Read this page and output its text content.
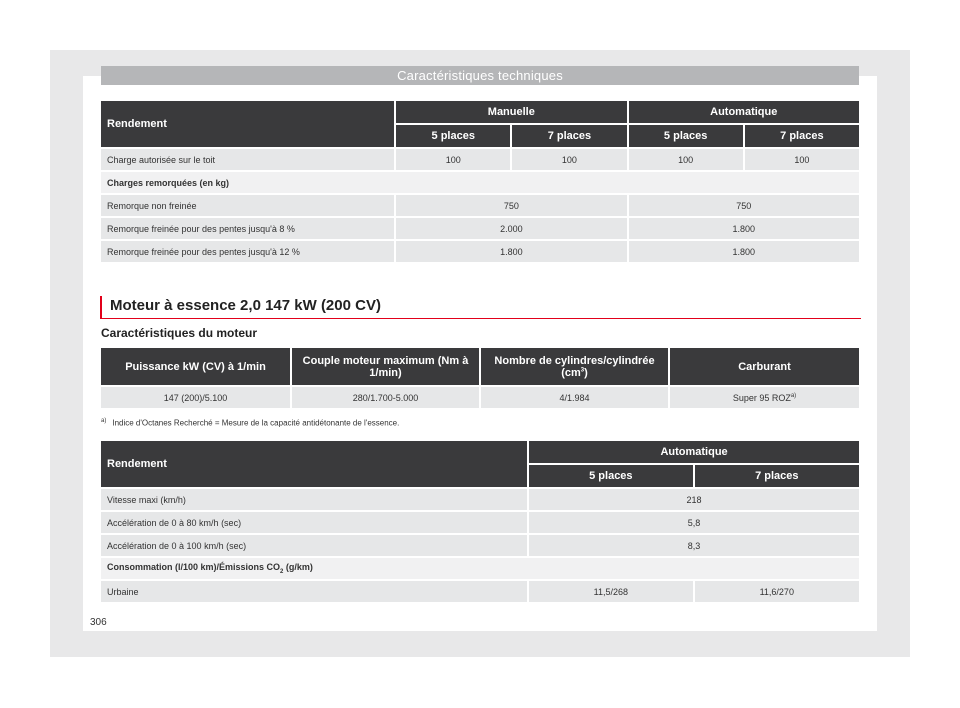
Caractéristiques techniques
Rendement	Manuelle		Automatique	
	5 places	7 places	5 places	7 places
Charge autorisée sur le toit	100	100	100	100
Charges remorquées (en kg)				
Remorque non freinée	750		750	
Remorque freinée pour des pentes jusqu'à 8 %	2.000		1.800	
Remorque freinée pour des pentes jusqu'à 12 %	1.800		1.800	
Moteur à essence 2,0 147 kW (200 CV)
Caractéristiques du moteur
Puissance kW (CV) à 1/min	Couple moteur maximum (Nm à 1/min)	Nombre de cylindres/cylindrée $(cm^3)$	Carburant
147 (200)/5.100	280/1.700-5.000	4/1.984	Super 95 ROZ$^{a)}$
$^{a)}$ Indice d'Octanes Recherché = Mesure de la capacité antidétonante de l'essence.
Rendement	Automatique	
	5 places	7 places
Vitesse maxi (km/h)	218	
Accélération de 0 à 80 km/h (sec)	5,8	
Accélération de 0 à 100 km/h (sec)	8,3	
Consommation (l/100 km)/Émissions $CO_2$ (g/km)		
Urbaine	11,5/268	11,6/270
306
